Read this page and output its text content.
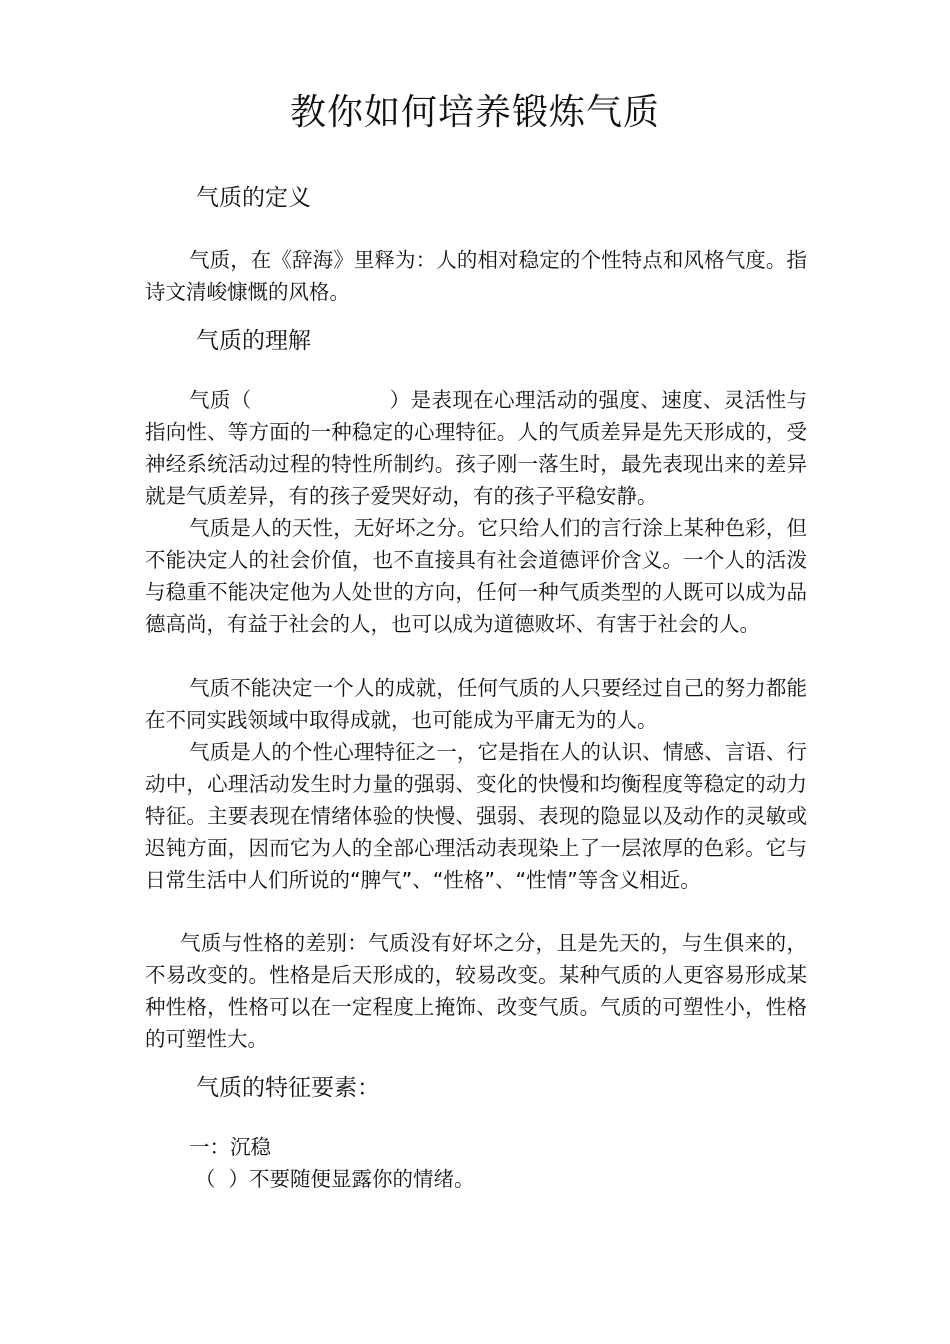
教你如何培养锻炼气质
气质的定义

气质，在《辞海》里释为：人的相对稳定的个性特点和风格气度。指诗文清峻慷慨的风格。

气质的理解

气质（                    ）是表现在心理活动的强度、速度、灵活性与指向性、等方面的一种稳定的心理特征。人的气质差异是先天形成的，受神经系统活动过程的特性所制约。孩子刚一落生时，最先表现出来的差异就是气质差异，有的孩子爱哭好动，有的孩子平稳安静。

气质是人的天性，无好坏之分。它只给人们的言行涂上某种色彩，但不能决定人的社会价值，也不直接具有社会道德评价含义。一个人的活泼与稳重不能决定他为人处世的方向，任何一种气质类型的人既可以成为品德高尚，有益于社会的人，也可以成为道德败坏、有害于社会的人。

气质不能决定一个人的成就，任何气质的人只要经过自己的努力都能在不同实践领域中取得成就，也可能成为平庸无为的人。

气质是人的个性心理特征之一，它是指在人的认识、情感、言语、行动中，心理活动发生时力量的强弱、变化的快慢和均衡程度等稳定的动力特征。主要表现在情绪体验的快慢、强弱、表现的隐显以及动作的灵敏或迟钝方面，因而它为人的全部心理活动表现染上了一层浓厚的色彩。它与日常生活中人们所说的“脾气”、“性格”、“性情”等含义相近。

气质与性格的差别：气质没有好坏之分，且是先天的，与生俱来的，不易改变的。性格是后天形成的，较易改变。某种气质的人更容易形成某种性格，性格可以在一定程度上掩饰、改变气质。气质的可塑性小，性格的可塑性大。

气质的特征要素：

一：沉稳

（  ）不要随便显露你的情绪。
